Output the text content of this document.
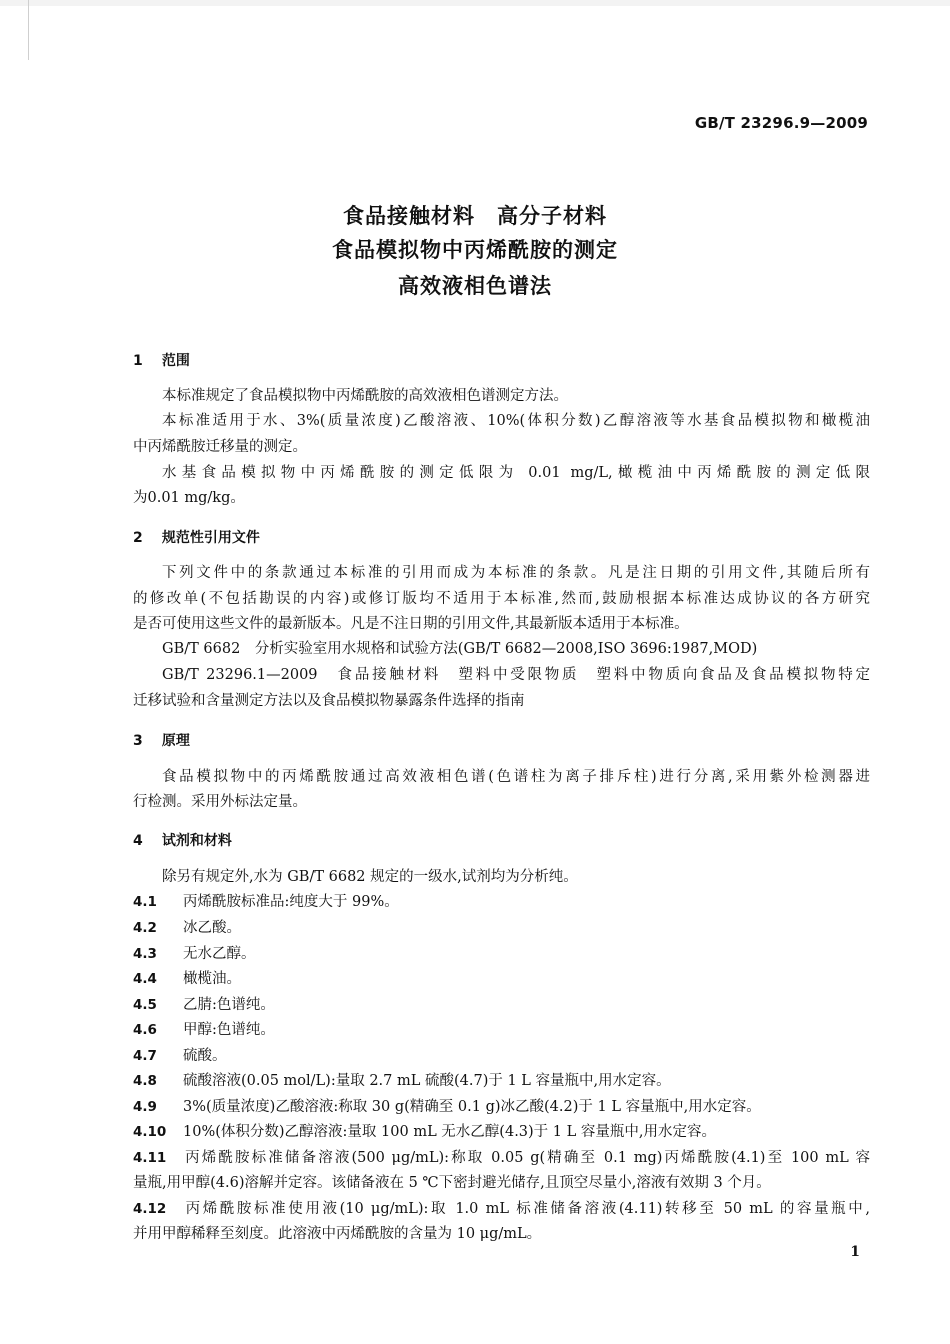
GB/T 23296.9—2009
食品接触材料　高分子材料
食品模拟物中丙烯酰胺的测定
高效液相色谱法
1 范围
本标准规定了食品模拟物中丙烯酰胺的高效液相色谱测定方法。
本标准适用于水、3%(质量浓度)乙酸溶液、10%(体积分数)乙醇溶液等水基食品模拟物和橄榄油
中丙烯酰胺迁移量的测定。
水基食品模拟物中丙烯酰胺的测定低限为 0.01 mg/L,橄榄油中丙烯酰胺的测定低限
为0.01 mg/kg。
2 规范性引用文件
下列文件中的条款通过本标准的引用而成为本标准的条款。凡是注日期的引用文件,其随后所有
的修改单(不包括勘误的内容)或修订版均不适用于本标准,然而,鼓励根据本标准达成协议的各方研究
是否可使用这些文件的最新版本。凡是不注日期的引用文件,其最新版本适用于本标准。
GB/T 6682　分析实验室用水规格和试验方法(GB/T 6682—2008,ISO 3696:1987,MOD)
GB/T 23296.1—2009　食品接触材料　塑料中受限物质　塑料中物质向食品及食品模拟物特定
迁移试验和含量测定方法以及食品模拟物暴露条件选择的指南
3 原理
食品模拟物中的丙烯酰胺通过高效液相色谱(色谱柱为离子排斥柱)进行分离,采用紫外检测器进
行检测。采用外标法定量。
4 试剂和材料
除另有规定外,水为 GB/T 6682 规定的一级水,试剂均为分析纯。
4.1 丙烯酰胺标准品:纯度大于 99%。
4.2 冰乙酸。
4.3 无水乙醇。
4.4 橄榄油。
4.5 乙腈:色谱纯。
4.6 甲醇:色谱纯。
4.7 硫酸。
4.8 硫酸溶液(0.05 mol/L):量取 2.7 mL 硫酸(4.7)于 1 L 容量瓶中,用水定容。
4.9 3%(质量浓度)乙酸溶液:称取 30 g(精确至 0.1 g)冰乙酸(4.2)于 1 L 容量瓶中,用水定容。
4.10 10%(体积分数)乙醇溶液:量取 100 mL 无水乙醇(4.3)于 1 L 容量瓶中,用水定容。
4.11 丙烯酰胺标准储备溶液(500 μg/mL):称取 0.05 g(精确至 0.1 mg)丙烯酰胺(4.1)至 100 mL 容
量瓶,用甲醇(4.6)溶解并定容。该储备液在 5 ℃下密封避光储存,且顶空尽量小,溶液有效期 3 个月。
4.12 丙烯酰胺标准使用液(10 μg/mL):取 1.0 mL 标准储备溶液(4.11)转移至 50 mL 的容量瓶中,
并用甲醇稀释至刻度。此溶液中丙烯酰胺的含量为 10 μg/mL。
1
